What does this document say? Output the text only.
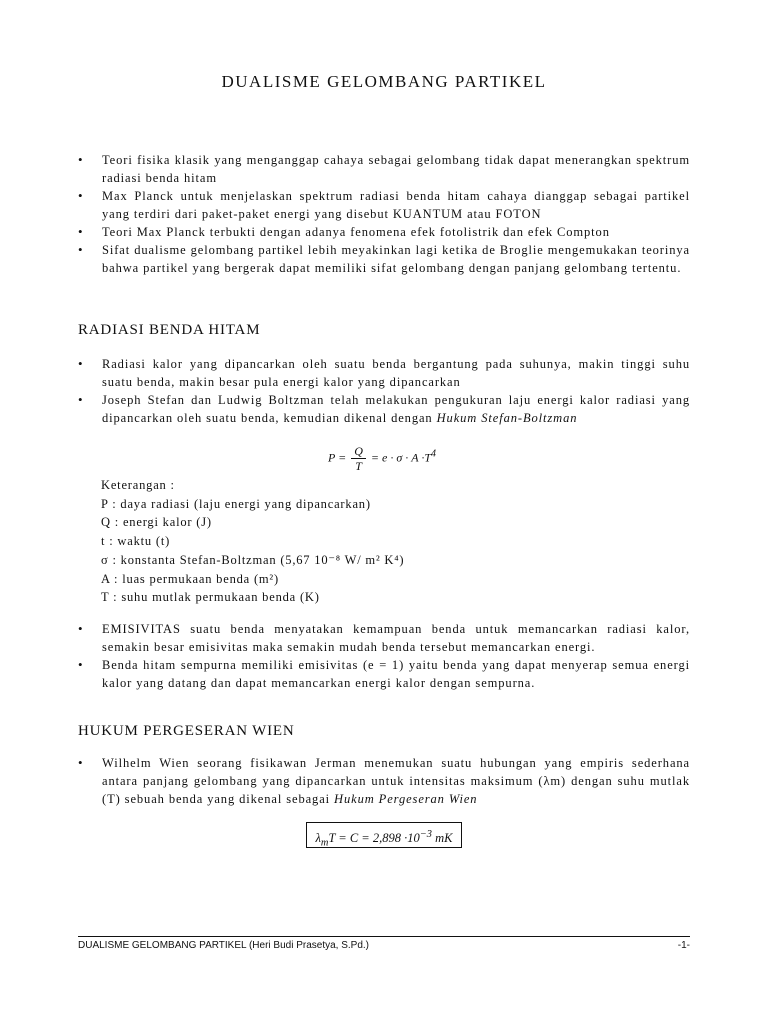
DUALISME GELOMBANG PARTIKEL
• Teori fisika klasik yang menganggap cahaya sebagai gelombang tidak dapat menerangkan spektrum radiasi benda hitam
• Max Planck untuk menjelaskan spektrum radiasi benda hitam cahaya dianggap sebagai partikel yang terdiri dari paket-paket energi yang disebut KUANTUM atau FOTON
• Teori Max Planck terbukti dengan adanya fenomena efek fotolistrik dan efek Compton
• Sifat dualisme gelombang partikel lebih meyakinkan lagi ketika de Broglie mengemukakan teorinya bahwa partikel yang bergerak dapat memiliki sifat gelombang dengan panjang gelombang tertentu.
RADIASI BENDA HITAM
• Radiasi kalor yang dipancarkan oleh suatu benda bergantung pada suhunya, makin tinggi suhu suatu benda, makin besar pula energi kalor yang dipancarkan
• Joseph Stefan dan Ludwig Boltzman telah melakukan pengukuran laju energi kalor radiasi yang dipancarkan oleh suatu benda, kemudian dikenal dengan Hukum Stefan-Boltzman
$P = \frac{Q}{T} = e \cdot \sigma \cdot A \cdot T^4$
Keterangan :
P : daya radiasi (laju energi yang dipancarkan)
Q : energi kalor (J)
t : waktu (t)
σ : konstanta Stefan-Boltzman (5,67 10⁻⁸ W/ m² K⁴)
A : luas permukaan benda (m²)
T : suhu mutlak permukaan benda (K)
• EMISIVITAS suatu benda menyatakan kemampuan benda untuk memancarkan radiasi kalor, semakin besar emisivitas maka semakin mudah benda tersebut memancarkan energi.
• Benda hitam sempurna memiliki emisivitas (e = 1) yaitu benda yang dapat menyerap semua energi kalor yang datang dan dapat memancarkan energi kalor dengan sempurna.
HUKUM PERGESERAN WIEN
• Wilhelm Wien seorang fisikawan Jerman menemukan suatu hubungan yang empiris sederhana antara panjang gelombang yang dipancarkan untuk intensitas maksimum (λm) dengan suhu mutlak (T) sebuah benda yang dikenal sebagai Hukum Pergeseran Wien
$\lambda_mT = C = 2,898 \cdot 10^{-3}$ mK
DUALISME GELOMBANG PARTIKEL (Heri Budi Prasetya, S.Pd.)	-1-
